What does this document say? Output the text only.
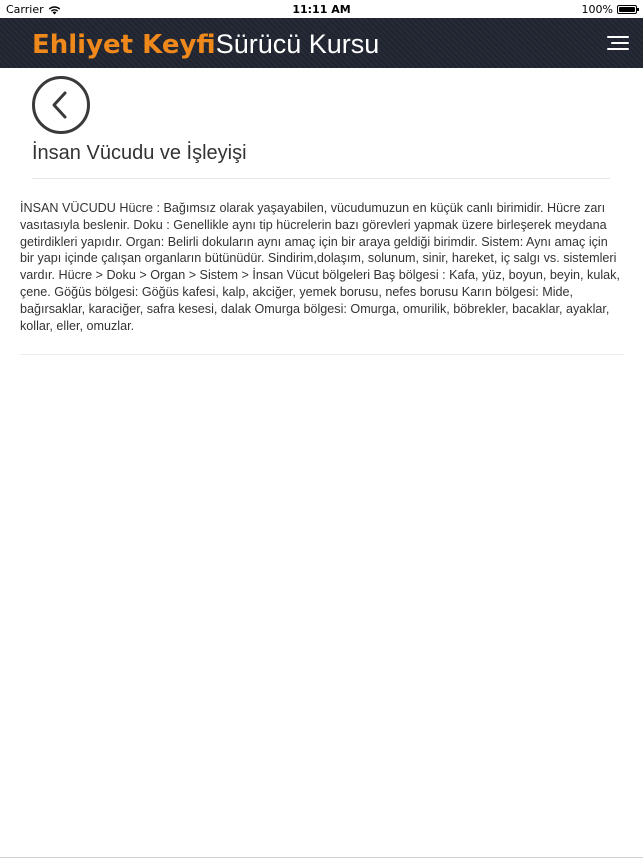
Carrier	11:11 AM	100%
Ehliyet KeyfiSürücü Kursu
İnsan Vücudu ve İşleyişi

İNSAN VÜCUDU Hücre : Bağımsız olarak yaşayabilen, vücudumuzun en küçük canlı birimidir. Hücre zarı vasıtasıyla beslenir. Doku : Genellikle aynı tip hücrelerin bazı görevleri yapmak üzere birleşerek meydana getirdikleri yapıdır. Organ: Belirli dokuların aynı amaç için bir araya geldiği birimdir. Sistem: Aynı amaç için bir yapı içinde çalışan organların bütünüdür. Sindirim,dolaşım, solunum, sinir, hareket, iç salgı vs. sistemleri vardır. Hücre > Doku > Organ > Sistem > İnsan Vücut bölgeleri Baş bölgesi : Kafa, yüz, boyun, beyin, kulak, çene. Göğüs bölgesi: Göğüs kafesi, kalp, akciğer, yemek borusu, nefes borusu Karın bölgesi: Mide, bağırsaklar, karaciğer, safra kesesi, dalak Omurga bölgesi: Omurga, omurilik, böbrekler, bacaklar, ayaklar, kollar, eller, omuzlar.
